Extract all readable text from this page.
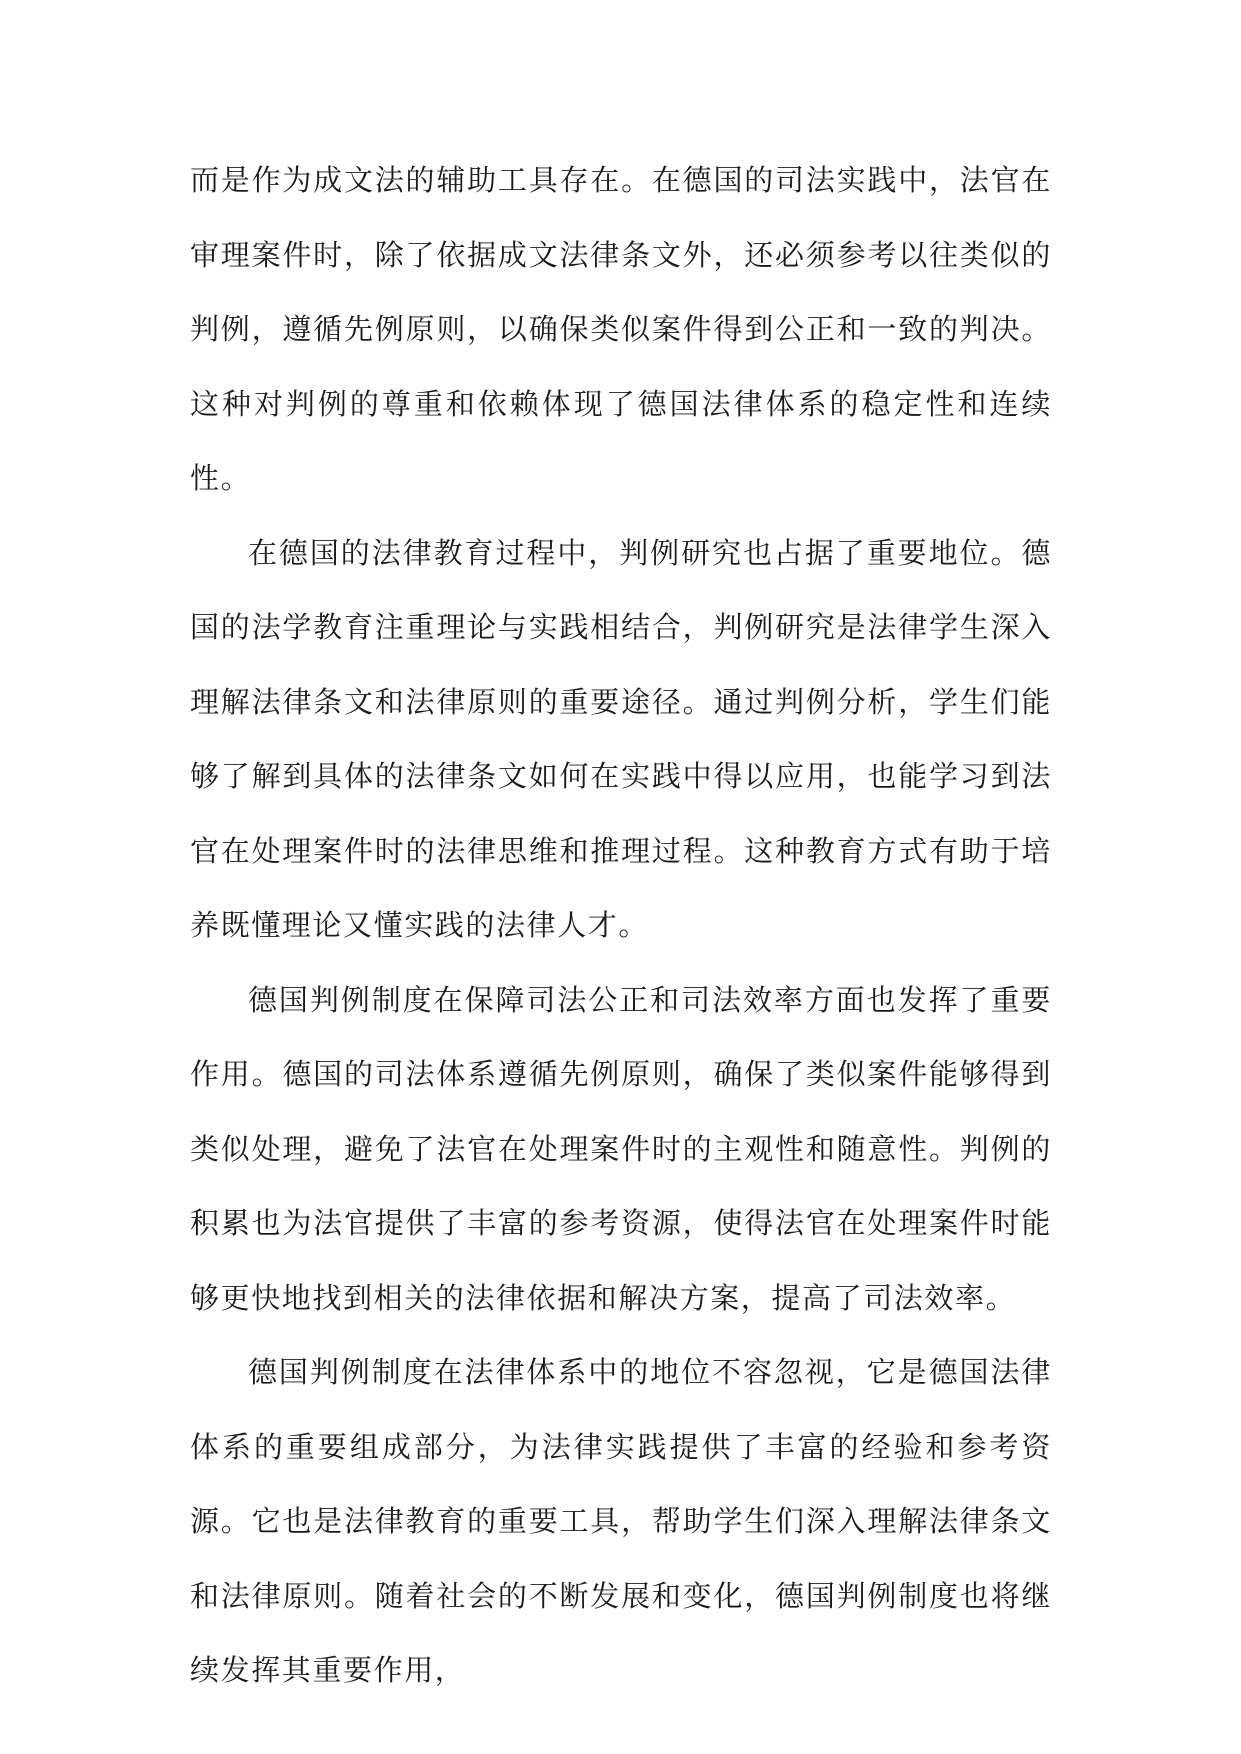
而是作为成文法的辅助工具存在。在德国的司法实践中，法官在审理案件时，除了依据成文法律条文外，还必须参考以往类似的判例，遵循先例原则，以确保类似案件得到公正和一致的判决。这种对判例的尊重和依赖体现了德国法律体系的稳定性和连续性。

在德国的法律教育过程中，判例研究也占据了重要地位。德国的法学教育注重理论与实践相结合，判例研究是法律学生深入理解法律条文和法律原则的重要途径。通过判例分析，学生们能够了解到具体的法律条文如何在实践中得以应用，也能学习到法官在处理案件时的法律思维和推理过程。这种教育方式有助于培养既懂理论又懂实践的法律人才。

德国判例制度在保障司法公正和司法效率方面也发挥了重要作用。德国的司法体系遵循先例原则，确保了类似案件能够得到类似处理，避免了法官在处理案件时的主观性和随意性。判例的积累也为法官提供了丰富的参考资源，使得法官在处理案件时能够更快地找到相关的法律依据和解决方案，提高了司法效率。

德国判例制度在法律体系中的地位不容忽视，它是德国法律体系的重要组成部分，为法律实践提供了丰富的经验和参考资源。它也是法律教育的重要工具，帮助学生们深入理解法律条文和法律原则。随着社会的不断发展和变化，德国判例制度也将继续发挥其重要作用，
